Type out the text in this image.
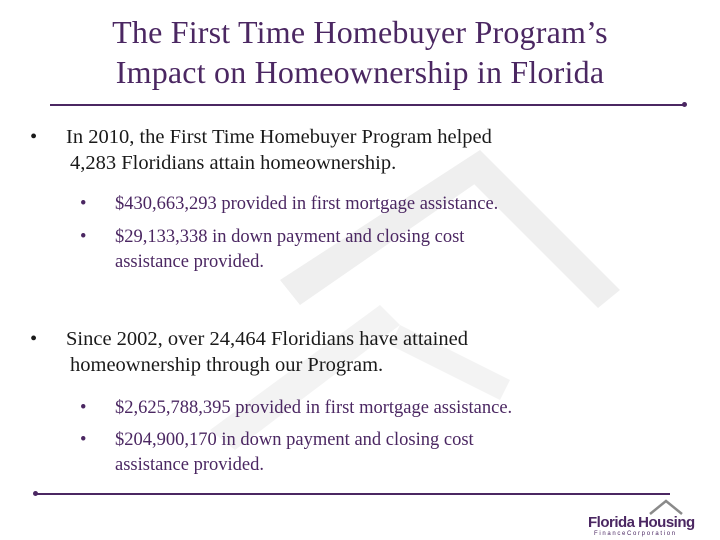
The First Time Homebuyer Program’s
Impact on Homeownership in Florida
• In 2010, the First Time Homebuyer Program helped
4,283 Floridians attain homeownership.
• $430,663,293 provided in first mortgage assistance.
• $29,133,338 in down payment and closing cost
assistance provided.
• Since 2002, over 24,464 Floridians have attained
homeownership through our Program.
• $2,625,788,395 provided in first mortgage assistance.
• $204,900,170 in down payment and closing cost
assistance provided.
Florida Housing
F i n a n c e C o r p o r a t i o n
